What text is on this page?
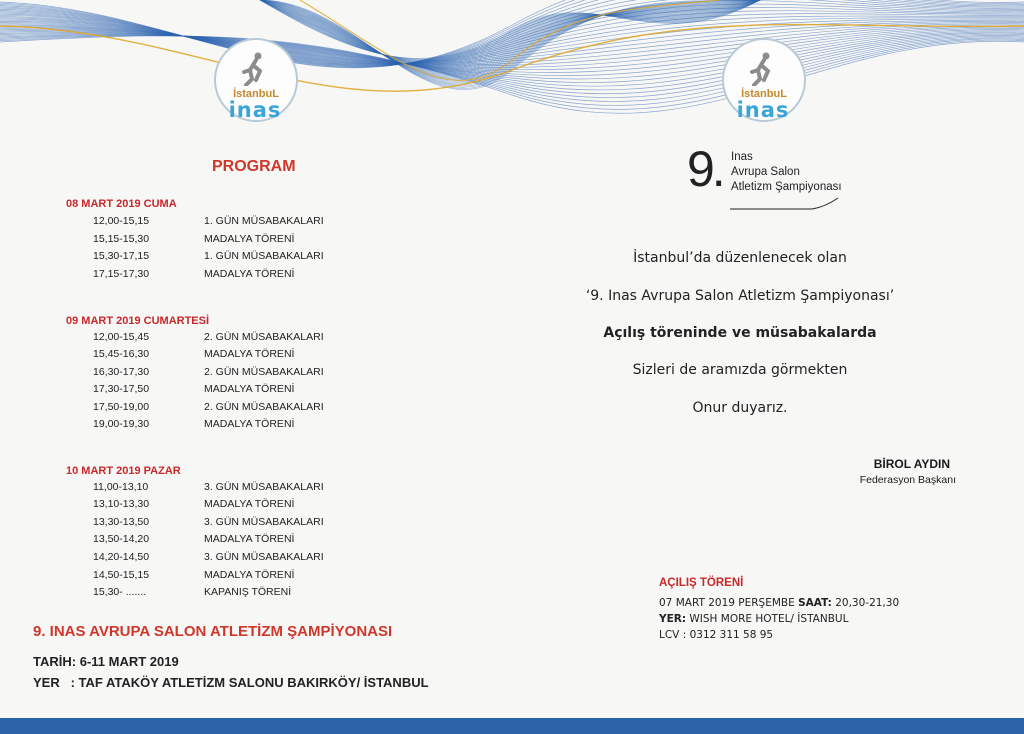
İstanbuL
inas
İstanbuL
inas
PROGRAM
08 MART 2019 CUMA
12,00-15,15	1. GÜN MÜSABAKALARI
15,15-15,30	MADALYA TÖRENİ
15,30-17,15	1. GÜN MÜSABAKALARI
17,15-17,30	MADALYA TÖRENİ
09 MART 2019 CUMARTESİ
12,00-15,45	2. GÜN MÜSABAKALARI
15,45-16,30	MADALYA TÖRENİ
16,30-17,30	2. GÜN MÜSABAKALARI
17,30-17,50	MADALYA TÖRENİ
17,50-19,00	2. GÜN MÜSABAKALARI
19,00-19,30	MADALYA TÖRENİ
10 MART 2019 PAZAR
11,00-13,10	3. GÜN MÜSABAKALARI
13,10-13,30	MADALYA TÖRENİ
13,30-13,50	3. GÜN MÜSABAKALARI
13,50-14,20	MADALYA TÖRENİ
14,20-14,50	3. GÜN MÜSABAKALARI
14,50-15,15	MADALYA TÖRENİ
15,30- .......	KAPANIŞ TÖRENİ
9. INAS AVRUPA SALON ATLETİZM ŞAMPİYONASI
TARİH: 6-11 MART 2019
YER   : TAF ATAKÖY ATLETİZM SALONU BAKIRKÖY/ İSTANBUL
9. Inas
Avrupa Salon
Atletizm Şampiyonası
İstanbul’da düzenlenecek olan
‘9. Inas Avrupa Salon Atletizm Şampiyonası’
Açılış töreninde ve müsabakalarda
Sizleri de aramızda görmekten
Onur duyarız.
BİROL AYDIN
Federasyon Başkanı
AÇILIŞ TÖRENİ
07 MART 2019 PERŞEMBE SAAT: 20,30-21,30
YER: WISH MORE HOTEL/ İSTANBUL
LCV : 0312 311 58 95
